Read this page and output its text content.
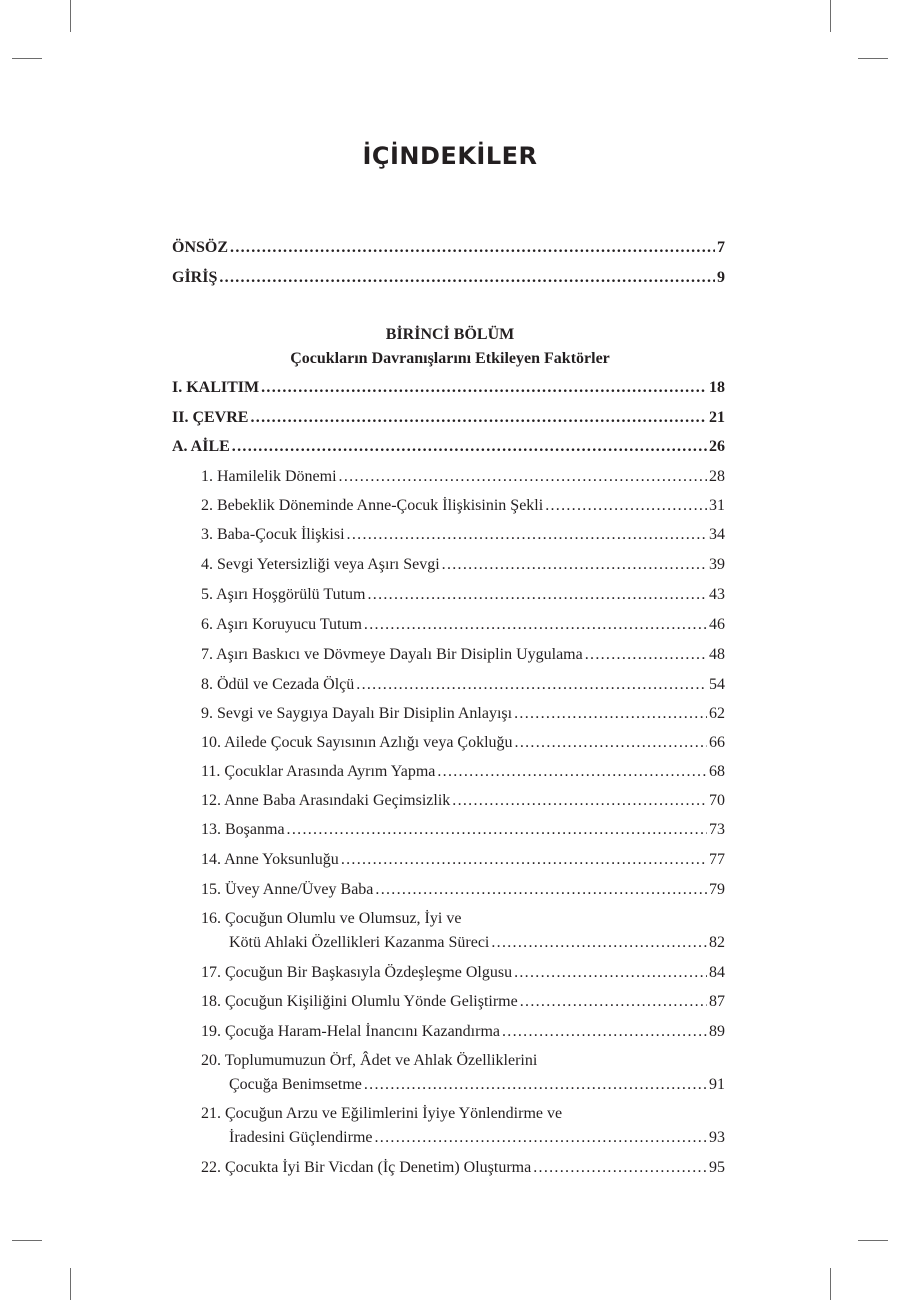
İÇİNDEKİLER
ÖNSÖZ .....	7
GİRİŞ .....	9
BİRİNCİ BÖLÜM
Çocukların Davranışlarını Etkileyen Faktörler
I. KALITIM .....	18
II. ÇEVRE .....	21
A. AİLE .....	26
1. Hamilelik Dönemi .....	28
2. Bebeklik Döneminde Anne-Çocuk İlişkisinin Şekli .....	31
3. Baba-Çocuk İlişkisi .....	34
4. Sevgi Yetersizliği veya Aşırı Sevgi .....	39
5. Aşırı Hoşgörülü Tutum .....	43
6. Aşırı Koruyucu Tutum .....	46
7. Aşırı Baskıcı ve Dövmeye Dayalı Bir Disiplin Uygulama .....	48
8. Ödül ve Cezada Ölçü .....	54
9. Sevgi ve Saygıya Dayalı Bir Disiplin Anlayışı .....	62
10. Ailede Çocuk Sayısının Azlığı veya Çokluğu .....	66
11. Çocuklar Arasında Ayrım Yapma .....	68
12. Anne Baba Arasındaki Geçimsizlik .....	70
13. Boşanma .....	73
14. Anne Yoksunluğu .....	77
15. Üvey Anne/Üvey Baba .....	79
16. Çocuğun Olumlu ve Olumsuz, İyi ve
Kötü Ahlaki Özellikleri Kazanma Süreci .....	82
17. Çocuğun Bir Başkasıyla Özdeşleşme Olgusu .....	84
18. Çocuğun Kişiliğini Olumlu Yönde Geliştirme .....	87
19. Çocuğa Haram-Helal İnancını Kazandırma .....	89
20. Toplumumuzun Örf, Âdet ve Ahlak Özelliklerini
Çocuğa Benimsetme .....	91
21. Çocuğun Arzu ve Eğilimlerini İyiye Yönlendirme ve
İradesini Güçlendirme .....	93
22. Çocukta İyi Bir Vicdan (İç Denetim) Oluşturma .....	95
